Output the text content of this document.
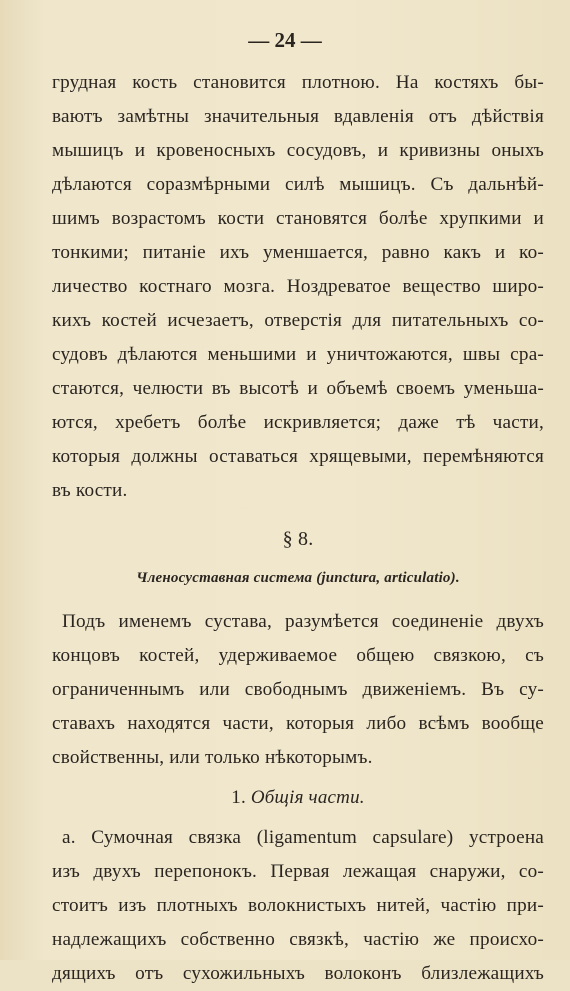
— 24 —
грудная кость становится плотною. На костяхъ бы-
ваютъ замѣтны значительныя вдавленія отъ дѣйствія
мышицъ и кровеносныхъ сосудовъ, и кривизны оныхъ
дѣлаются соразмѣрными силѣ мышицъ. Съ дальнѣй-
шимъ возрастомъ кости становятся болѣе хрупкими и
тонкими; питаніе ихъ уменшается, равно какъ и ко-
личество костнаго мозга. Ноздреватое вещество широ-
кихъ костей исчезаетъ, отверстія для питательныхъ со-
судовъ дѣлаются меньшими и уничтожаются, швы сра-
стаются, челюсти въ высотѣ и объемѣ своемъ уменьша-
ются, хребетъ болѣе искривляется; даже тѣ части,
которыя должны оставаться хрящевыми, перемѣняются
въ кости.
§ 8.
Членосуставная система (junctura, articulatio).
Подъ именемъ сустава, разумѣется соединеніе двухъ
концовъ костей, удерживаемое общею связкою, съ
ограниченнымъ или свободнымъ движеніемъ. Въ су-
ставахъ находятся части, которыя либо всѣмъ вообще
свойственны, или только нѣкоторымъ.
1. Общія части.
а. Сумочная связка (ligamentum capsulare) устроена
изъ двухъ перепонокъ. Первая лежащая снаружи, со-
стоитъ изъ плотныхъ волокнистыхъ нитей, частію при-
надлежащихъ собственно связкѣ, частію же происхо-
дящихъ отъ сухожильныхъ волоконъ близлежащихъ
